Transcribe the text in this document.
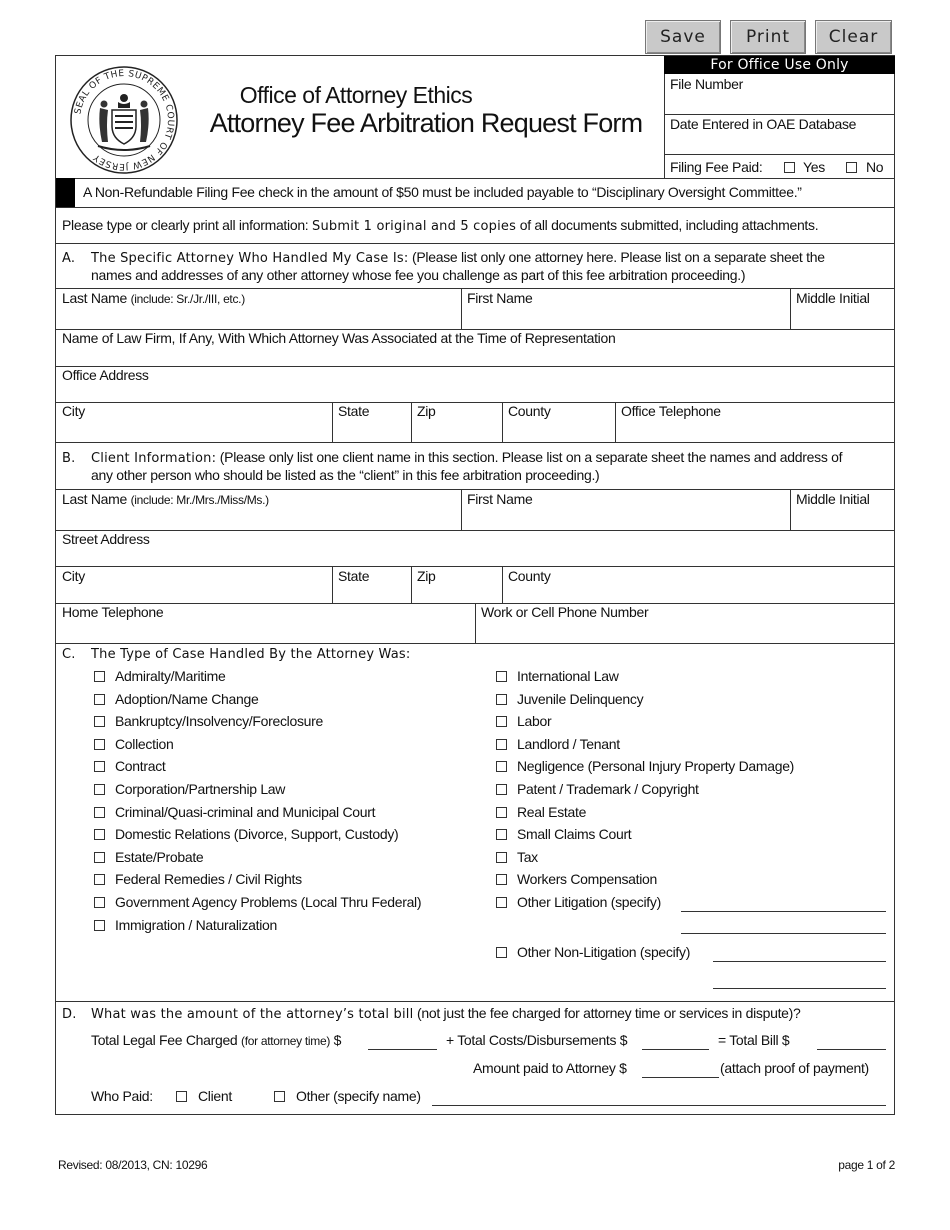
Save	Print	Clear
SEAL OF THE SUPREME COURT OF NEW JERSEY
Office of Attorney Ethics
Attorney Fee Arbitration Request Form
For Office Use Only
File Number
Date Entered in OAE Database
Filing Fee Paid:	Yes	No
A Non-Refundable Filing Fee check in the amount of $50 must be included payable to “Disciplinary Oversight Committee.”
Please type or clearly print all information: Submit 1 original and 5 copies of all documents submitted, including attachments.
A. The Specific Attorney Who Handled My Case Is: (Please list only one attorney here. Please list on a separate sheet the
names and addresses of any other attorney whose fee you challenge as part of this fee arbitration proceeding.)
Last Name (include: Sr./Jr./III, etc.)	First Name	Middle Initial
Name of Law Firm, If Any, With Which Attorney Was Associated at the Time of Representation
Office Address
City	State	Zip	County	Office Telephone
B. Client Information: (Please only list one client name in this section. Please list on a separate sheet the names and address of
any other person who should be listed as the “client” in this fee arbitration proceeding.)
Last Name (include: Mr./Mrs./Miss/Ms.)	First Name	Middle Initial
Street Address
City	State	Zip	County
Home Telephone	Work or Cell Phone Number
C. The Type of Case Handled By the Attorney Was:
Admiralty/Maritime
Adoption/Name Change
Bankruptcy/Insolvency/Foreclosure
Collection
Contract
Corporation/Partnership Law
Criminal/Quasi-criminal and Municipal Court
Domestic Relations (Divorce, Support, Custody)
Estate/Probate
Federal Remedies / Civil Rights
Government Agency Problems (Local Thru Federal)
Immigration / Naturalization
International Law
Juvenile Delinquency
Labor
Landlord / Tenant
Negligence (Personal Injury Property Damage)
Patent / Trademark / Copyright
Real Estate
Small Claims Court
Tax
Workers Compensation
Other Litigation (specify)
Other Non-Litigation (specify)
D. What was the amount of the attorney’s total bill (not just the fee charged for attorney time or services in dispute)?
Total Legal Fee Charged (for attorney time) $	+ Total Costs/Disbursements $	= Total Bill $
Amount paid to Attorney $	(attach proof of payment)
Who Paid:	Client	Other (specify name)
Revised: 08/2013, CN: 10296	page 1 of 2
